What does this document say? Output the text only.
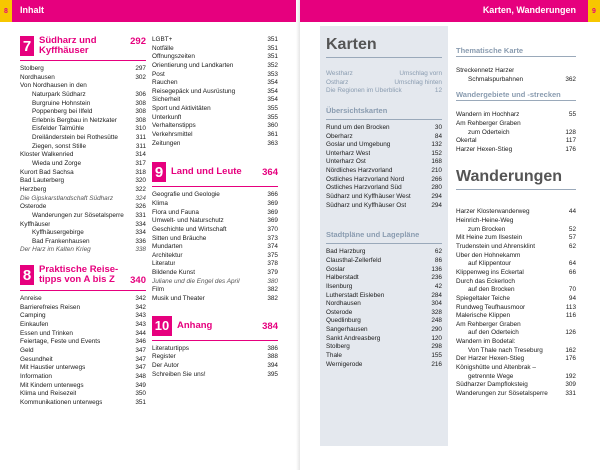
8	Inhalt
7 Südharz und Kyffhäuser
292
Stolberg	297
Nordhausen	302
Von Nordhausen in den
Naturpark Südharz	306
Burgruine Hohnstein	308
Poppenberg bei Ilfeld	308
Erlebnis Bergbau in Netzkater	308
Eisfelder Talmühle	310
Dreiländerstein bei Rothesütte	311
Ziegen, sonst Stille	311
Kloster Walkenried	314
Wieda und Zorge	317
Kurort Bad Sachsa	318
Bad Lauterberg	320
Herzberg	322
Die Gipskarstlandschaft Südharz	324
Osterode	326
Wanderungen zur Sösetalsperre	331
Kyffhäuser	334
Kyffhäusergebirge	334
Bad Frankenhausen	336
Der Harz im Kalten Krieg	338
8 Praktische Reise-tipps von A bis Z	340
Anreise	342
Barrierefreies Reisen	342
Camping	343
Einkaufen	343
Essen und Trinken	344
Feiertage, Feste und Events	346
Geld	347
Gesundheit	347
Mit Haustier unterwegs	347
Information	348
Mit Kindern unterwegs	349
Klima und Reisezeit	350
Kommunikationen unterwegs	351
LGBT+	351
Notfälle	351
Öffnungszeiten	351
Orientierung und Landkarten	352
Post	353
Rauchen	354
Reisegepäck und Ausrüstung	354
Sicherheit	354
Sport und Aktivitäten	355
Unterkunft	355
Verhaltenstipps	360
Verkehrsmittel	361
Zeitungen	363
9 Land und Leute	364
Geografie und Geologie	366
Klima	369
Flora und Fauna	369
Umwelt- und Naturschutz	369
Geschichte und Wirtschaft	370
Sitten und Bräuche	373
Mundarten	374
Architektur	375
Literatur	378
Bildende Kunst	379
Juliane und die Engel des April	380
Film	382
Musik und Theater	382
10 Anhang	384
Literaturtipps	386
Register	388
Der Autor	394
Schreiben Sie uns!	395
Karten, Wanderungen	9
Karten
Westharz	Umschlag vorn
Ostharz	Umschlag hinten
Die Regionen im Überblick	12
Übersichtskarten
Rund um den Brocken	30
Oberharz	84
Goslar und Umgebung	132
Unterharz West	152
Unterharz Ost	168
Nördliches Harzvorland	210
Östliches Harzvorland Nord	266
Östliches Harzvorland Süd	280
Südharz und Kyffhäuser West	294
Südharz und Kyffhäuser Ost	294
Stadtpläne und Lagepläne
Bad Harzburg	62
Clausthal-Zellerfeld	86
Goslar	136
Halberstadt	236
Ilsenburg	42
Lutherstadt Eisleben	284
Nordhausen	304
Osterode	328
Quedlinburg	248
Sangerhausen	290
Sankt Andreasberg	120
Stolberg	298
Thale	155
Wernigerode	216
Thematische Karte
Streckennetz Harzer
Schmalspurbahnen	362
Wandergebiete und -strecken
Wandern im Hochharz	55
Am Rehberger Graben
zum Oderteich	128
Okertal	117
Harzer Hexen-Stieg	176
Wanderungen
Harzer Klosterwanderweg	44
Heinrich-Heine-Weg
zum Brocken	52
Mit Heine zum Ilsestein	57
Trudenstein und Ahrensklint	62
Über den Hohnekamm
auf Klippentour	64
Klippenweg ins Eckertal	66
Durch das Eckerloch
auf den Brocken	70
Spiegeltaler Teiche	94
Rundweg Teufhausmoor	113
Malerische Klippen	116
Am Rehberger Graben
auf den Oderteich	126
Wandern im Bodetal:
Von Thale nach Treseburg	162
Der Harzer Hexen-Stieg	176
Königshütte und Altenbrak –
getrennte Wege	192
Südharzer Dampfloksteig	309
Wanderungen zur Sösetalsperre	331
